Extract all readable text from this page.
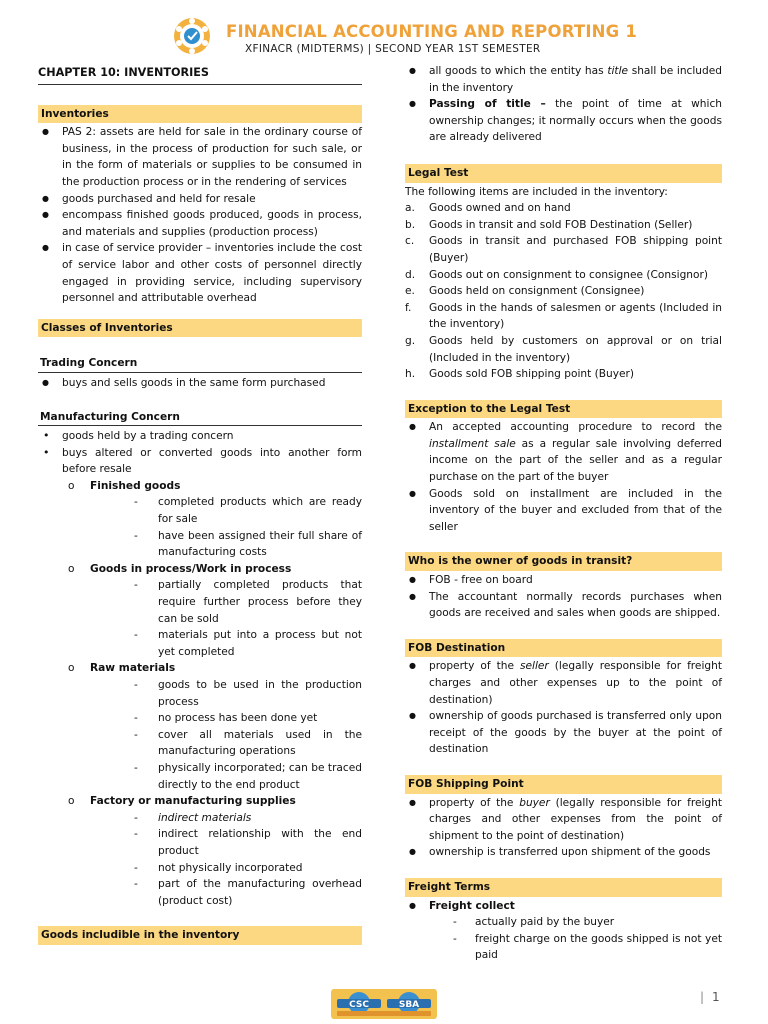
FINANCIAL ACCOUNTING AND REPORTING 1
XFINACR (MIDTERMS) | SECOND YEAR 1ST SEMESTER
CHAPTER 10: INVENTORIES
Inventories
● PAS 2: assets are held for sale in the ordinary course of business, in the process of production for such sale, or in the form of materials or supplies to be consumed in the production process or in the rendering of services
● goods purchased and held for resale
● encompass finished goods produced, goods in process, and materials and supplies (production process)
● in case of service provider – inventories include the cost of service labor and other costs of personnel directly engaged in providing service, including supervisory personnel and attributable overhead
Classes of Inventories
Trading Concern
● buys and sells goods in the same form purchased
Manufacturing Concern
• goods held by a trading concern
• buys altered or converted goods into another form before resale
o Finished goods
- completed products which are ready for sale
- have been assigned their full share of manufacturing costs
o Goods in process/Work in process
- partially completed products that require further process before they can be sold
- materials put into a process but not yet completed
o Raw materials
- goods to be used in the production process
- no process has been done yet
- cover all materials used in the manufacturing operations
- physically incorporated; can be traced directly to the end product
o Factory or manufacturing supplies
- indirect materials
- indirect relationship with the end product
- not physically incorporated
- part of the manufacturing overhead (product cost)
Goods includible in the inventory
● all goods to which the entity has title shall be included in the inventory
● Passing of title – the point of time at which ownership changes; it normally occurs when the goods are already delivered
Legal Test
The following items are included in the inventory:
a. Goods owned and on hand
b. Goods in transit and sold FOB Destination (Seller)
c. Goods in transit and purchased FOB shipping point (Buyer)
d. Goods out on consignment to consignee (Consignor)
e. Goods held on consignment (Consignee)
f. Goods in the hands of salesmen or agents (Included in the inventory)
g. Goods held by customers on approval or on trial (Included in the inventory)
h. Goods sold FOB shipping point (Buyer)
Exception to the Legal Test
● An accepted accounting procedure to record the installment sale as a regular sale involving deferred income on the part of the seller and as a regular purchase on the part of the buyer
● Goods sold on installment are included in the inventory of the buyer and excluded from that of the seller
Who is the owner of goods in transit?
● FOB - free on board
● The accountant normally records purchases when goods are received and sales when goods are shipped.
FOB Destination
● property of the seller (legally responsible for freight charges and other expenses up to the point of destination)
● ownership of goods purchased is transferred only upon receipt of the goods by the buyer at the point of destination
FOB Shipping Point
● property of the buyer (legally responsible for freight charges and other expenses from the point of shipment to the point of destination)
● ownership is transferred upon shipment of the goods
Freight Terms
● Freight collect
- actually paid by the buyer
- freight charge on the goods shipped is not yet paid
CSC	SBA
| 1
